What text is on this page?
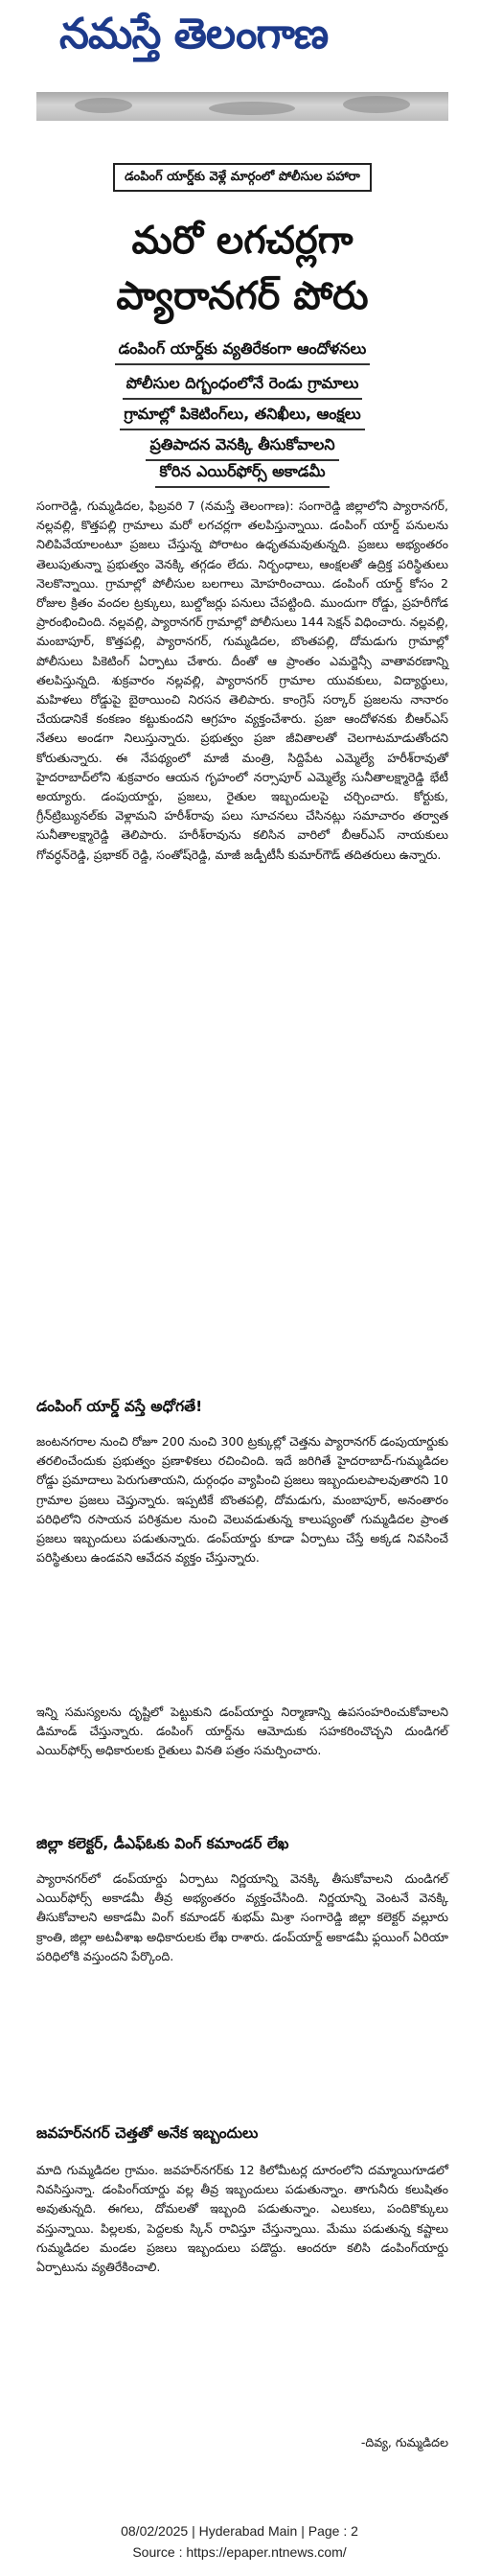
నమస్తే తెలంగాణ
డంపింగ్ యార్డ్‌కు వెళ్లే మార్గంలో పోలీసుల పహారా
మరో లగచర్లగా
ప్యారానగర్ పోరు
డంపింగ్ యార్డ్‌కు వ్యతిరేకంగా ఆందోళనలు
పోలీసుల దిగ్బంధంలోనే రెండు గ్రామాలు
గ్రామాల్లో పికెటింగ్‌లు, తనిఖీలు, ఆంక్షలు
ప్రతిపాదన వెనక్కి తీసుకోవాలని
కోరిన ఎయిర్‌ఫోర్స్ అకాడమీ

సంగారెడ్డి, గుమ్మడిదల, ఫిబ్రవరి 7 (నమస్తే తెలంగాణ): సంగారెడ్డి జిల్లాలోని ప్యారానగర్, నల్లవల్లి, కొత్తపల్లి గ్రామాలు మరో లగచర్లగా తలపిస్తున్నాయి. డంపింగ్ యార్డ్ పనులను నిలిపివేయాలంటూ ప్రజలు చేస్తున్న పోరాటం ఉధృతమవుతున్నది. ప్రజలు అభ్యంతరం తెలుపుతున్నా ప్రభుత్వం వెనక్కి తగ్గడం లేదు. నిర్బంధాలు, ఆంక్షలతో ఉద్రిక్త పరిస్థితులు నెలకొన్నాయి. గ్రామాల్లో పోలీసుల బలగాలు మోహరించాయి. డంపింగ్ యార్డ్ కోసం 2 రోజుల క్రితం వందల ట్రక్కులు, బుల్డోజర్లు పనులు చేపట్టింది. ముందుగా రోడ్డు, ప్రహరీగోడ ప్రారంభించింది. నల్లవల్లి, ప్యారానగర్ గ్రామాల్లో పోలీసులు 144 సెక్షన్ విధించారు. నల్లవల్లి, మంబాపూర్, కొత్తపల్లి, ప్యారానగర్, గుమ్మడిదల, బొంతపల్లి, దోమడుగు గ్రామాల్లో పోలీసులు పికెటింగ్ ఏర్పాటు చేశారు. దీంతో ఆ ప్రాంతం ఎమర్జెన్సీ వాతావరణాన్ని తలపిస్తున్నది. శుక్రవారం నల్లవల్లి, ప్యారానగర్ గ్రామాల యువకులు, విద్యార్థులు, మహిళలు రోడ్డుపై బైఠాయించి నిరసన తెలిపారు. కాంగ్రెస్ సర్కార్ ప్రజలను నానారం చేయడానికే కంకణం కట్టుకుందని ఆగ్రహం వ్యక్తంచేశారు. ప్రజా ఆందోళనకు బీఆర్ఎస్ నేతలు అండగా నిలుస్తున్నారు. ప్రభుత్వం ప్రజా జీవితాలతో చెలగాటమాడుతోందని కోరుతున్నారు. ఈ నేపథ్యంలో మాజీ మంత్రి, సిద్దిపేట ఎమ్మెల్యే హరీశ్‌రావుతో హైదరాబాద్‌లోని శుక్రవారం ఆయన గృహంలో నర్సాపూర్ ఎమ్మెల్యే సునీతాలక్ష్మారెడ్డి భేటీ అయ్యారు. డంపుయార్డు, ప్రజలు, రైతుల ఇబ్బందులపై చర్చించారు. కోర్టుకు, గ్రీన్‌ట్రిబ్యునల్‌కు వెళ్లామని హరీశ్‌రావు పలు సూచనలు చేసినట్లు సమాచారం తర్వాత సునీతాలక్ష్మారెడ్డి తెలిపారు. హరీశ్‌రావును కలిసిన వారిలో బీఆర్ఎస్ నాయకులు గోవర్ధన్‌రెడ్డి, ప్రభాకర్ రెడ్డి, సంతోష్‌రెడ్డి, మాజీ జడ్పీటీసీ కుమార్‌గౌడ్ తదితరులు ఉన్నారు.

డంపింగ్ యార్డ్ వస్తే అధోగతే!

జంటనగరాల నుంచి రోజూ 200 నుంచి 300 ట్రక్కుల్లో చెత్తను ప్యారానగర్ డంపుయార్డుకు తరలించేందుకు ప్రభుత్వం ప్రణాళికలు రచించింది. ఇదే జరిగితే హైదరాబాద్-గుమ్మడిదల రోడ్డు ప్రమాదాలు పెరుగుతాయని, దుర్గంధం వ్యాపించి ప్రజలు ఇబ్బందులపాలవుతారని 10 గ్రామాల ప్రజలు చెప్తున్నారు. ఇప్పటికే బొంతపల్లి, దోమడుగు, మంబాపూర్, అనంతారం పరిధిలోని రసాయన పరిశ్రమల నుంచి వెలువడుతున్న కాలుష్యంతో గుమ్మడిదల ప్రాంత ప్రజలు ఇబ్బందులు పడుతున్నారు. డంప్‌యార్డు కూడా ఏర్పాటు చేస్తే అక్కడ నివసించే పరిస్థితులు ఉండవని ఆవేదన వ్యక్తం చేస్తున్నారు.

ఇన్ని సమస్యలను దృష్టిలో పెట్టుకుని డంప్‌యార్డు నిర్మాణాన్ని ఉపసంహరించుకోవాలని డిమాండ్ చేస్తున్నారు. డంపింగ్ యార్డ్‌ను ఆమోదుకు సహకరించొచ్చని దుండిగల్ ఎయిర్‌ఫోర్స్ అధికారులకు రైతులు వినతి పత్రం సమర్పించారు.

జిల్లా కలెక్టర్, డీఎఫ్‌ఓకు వింగ్ కమాండర్ లేఖ

ప్యారానగర్‌లో డంప్‌యార్డు ఏర్పాటు నిర్ణయాన్ని వెనక్కి తీసుకోవాలని దుండిగల్ ఎయిర్‌ఫోర్స్ అకాడమీ తీవ్ర అభ్యంతరం వ్యక్తంచేసింది. నిర్ణయాన్ని వెంటనే వెనక్కి తీసుకోవాలని అకాడమీ వింగ్ కమాండర్ శుభమ్ మిశ్రా సంగారెడ్డి జిల్లా కలెక్టర్ వల్లూరు క్రాంతి, జిల్లా అటవీశాఖ అధికారులకు లేఖ రాశారు. డంప్‌యార్డ్ అకాడమీ ఫ్లయింగ్ ఏరియా పరిధిలోకి వస్తుందని పేర్కొంది.

జవహర్‌నగర్ చెత్తతో అనేక ఇబ్బందులు

మాది గుమ్మడిదల గ్రామం. జవహర్‌నగర్‌కు 12 కిలోమీటర్ల దూరంలోని దమ్మాయిగూడలో నివసిస్తున్నా. డంపింగ్‌యార్డు వల్ల తీవ్ర ఇబ్బందులు పడుతున్నాం. తాగునీరు కలుషితం అవుతున్నది. ఈగలు, దోమలతో ఇబ్బంది పడుతున్నాం. ఎలుకలు, పందికొక్కులు వస్తున్నాయి. పిల్లలకు, పెద్దలకు స్కిన్ రావిస్తూ చేస్తున్నాయి. మేము పడుతున్న కష్టాలు గుమ్మడిదల మండల ప్రజలు ఇబ్బందులు పడొద్దు. ఆందరూ కలిసి డంపింగ్‌యార్డు ఏర్పాటును వ్యతిరేకించాలి.

-దివ్య, గుమ్మడిదల
08/02/2025 | Hyderabad Main | Page : 2
Source : https://epaper.ntnews.com/
